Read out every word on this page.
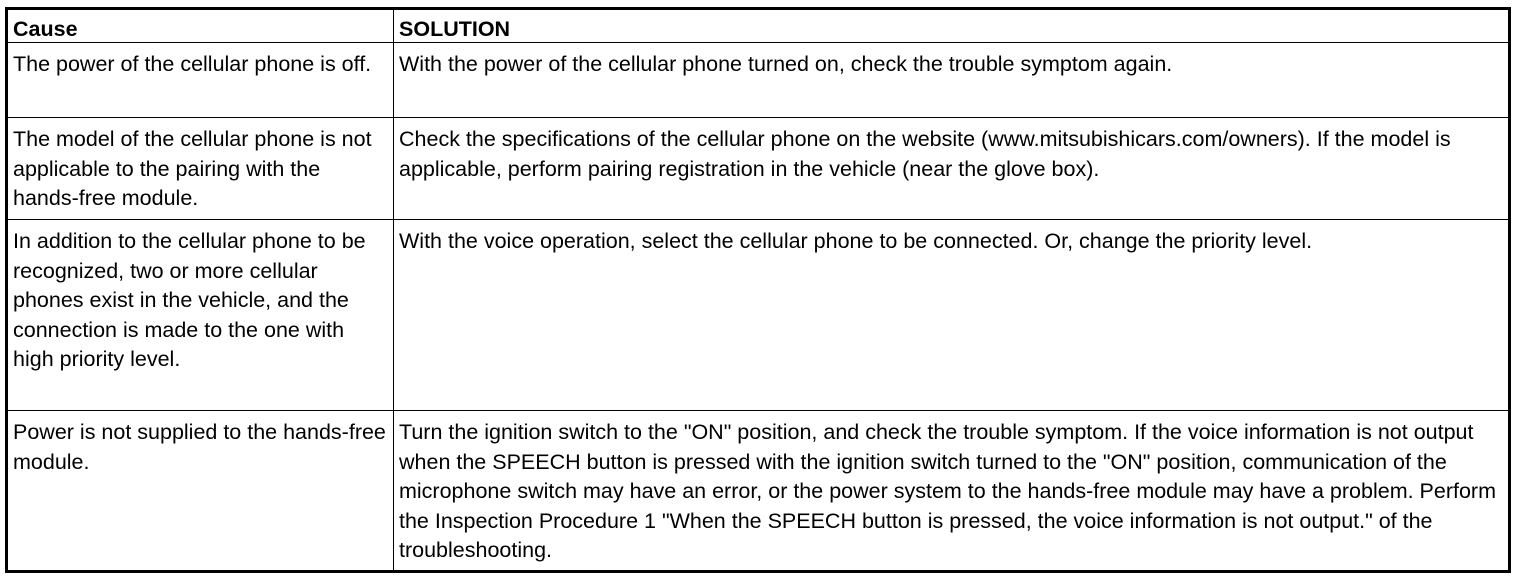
Cause	SOLUTION
The power of the cellular phone is off.	With the power of the cellular phone turned on, check the trouble symptom again.
The model of the cellular phone is not applicable to the pairing with the hands-free module.	Check the specifications of the cellular phone on the website (www.mitsubishicars.com/owners). If the model is applicable, perform pairing registration in the vehicle (near the glove box).
In addition to the cellular phone to be recognized, two or more cellular phones exist in the vehicle, and the connection is made to the one with high priority level.	With the voice operation, select the cellular phone to be connected. Or, change the priority level.
Power is not supplied to the hands-free module.	Turn the ignition switch to the "ON" position, and check the trouble symptom. If the voice information is not output when the SPEECH button is pressed with the ignition switch turned to the "ON" position, communication of the microphone switch may have an error, or the power system to the hands-free module may have a problem. Perform the Inspection Procedure 1 "When the SPEECH button is pressed, the voice information is not output." of the troubleshooting.
